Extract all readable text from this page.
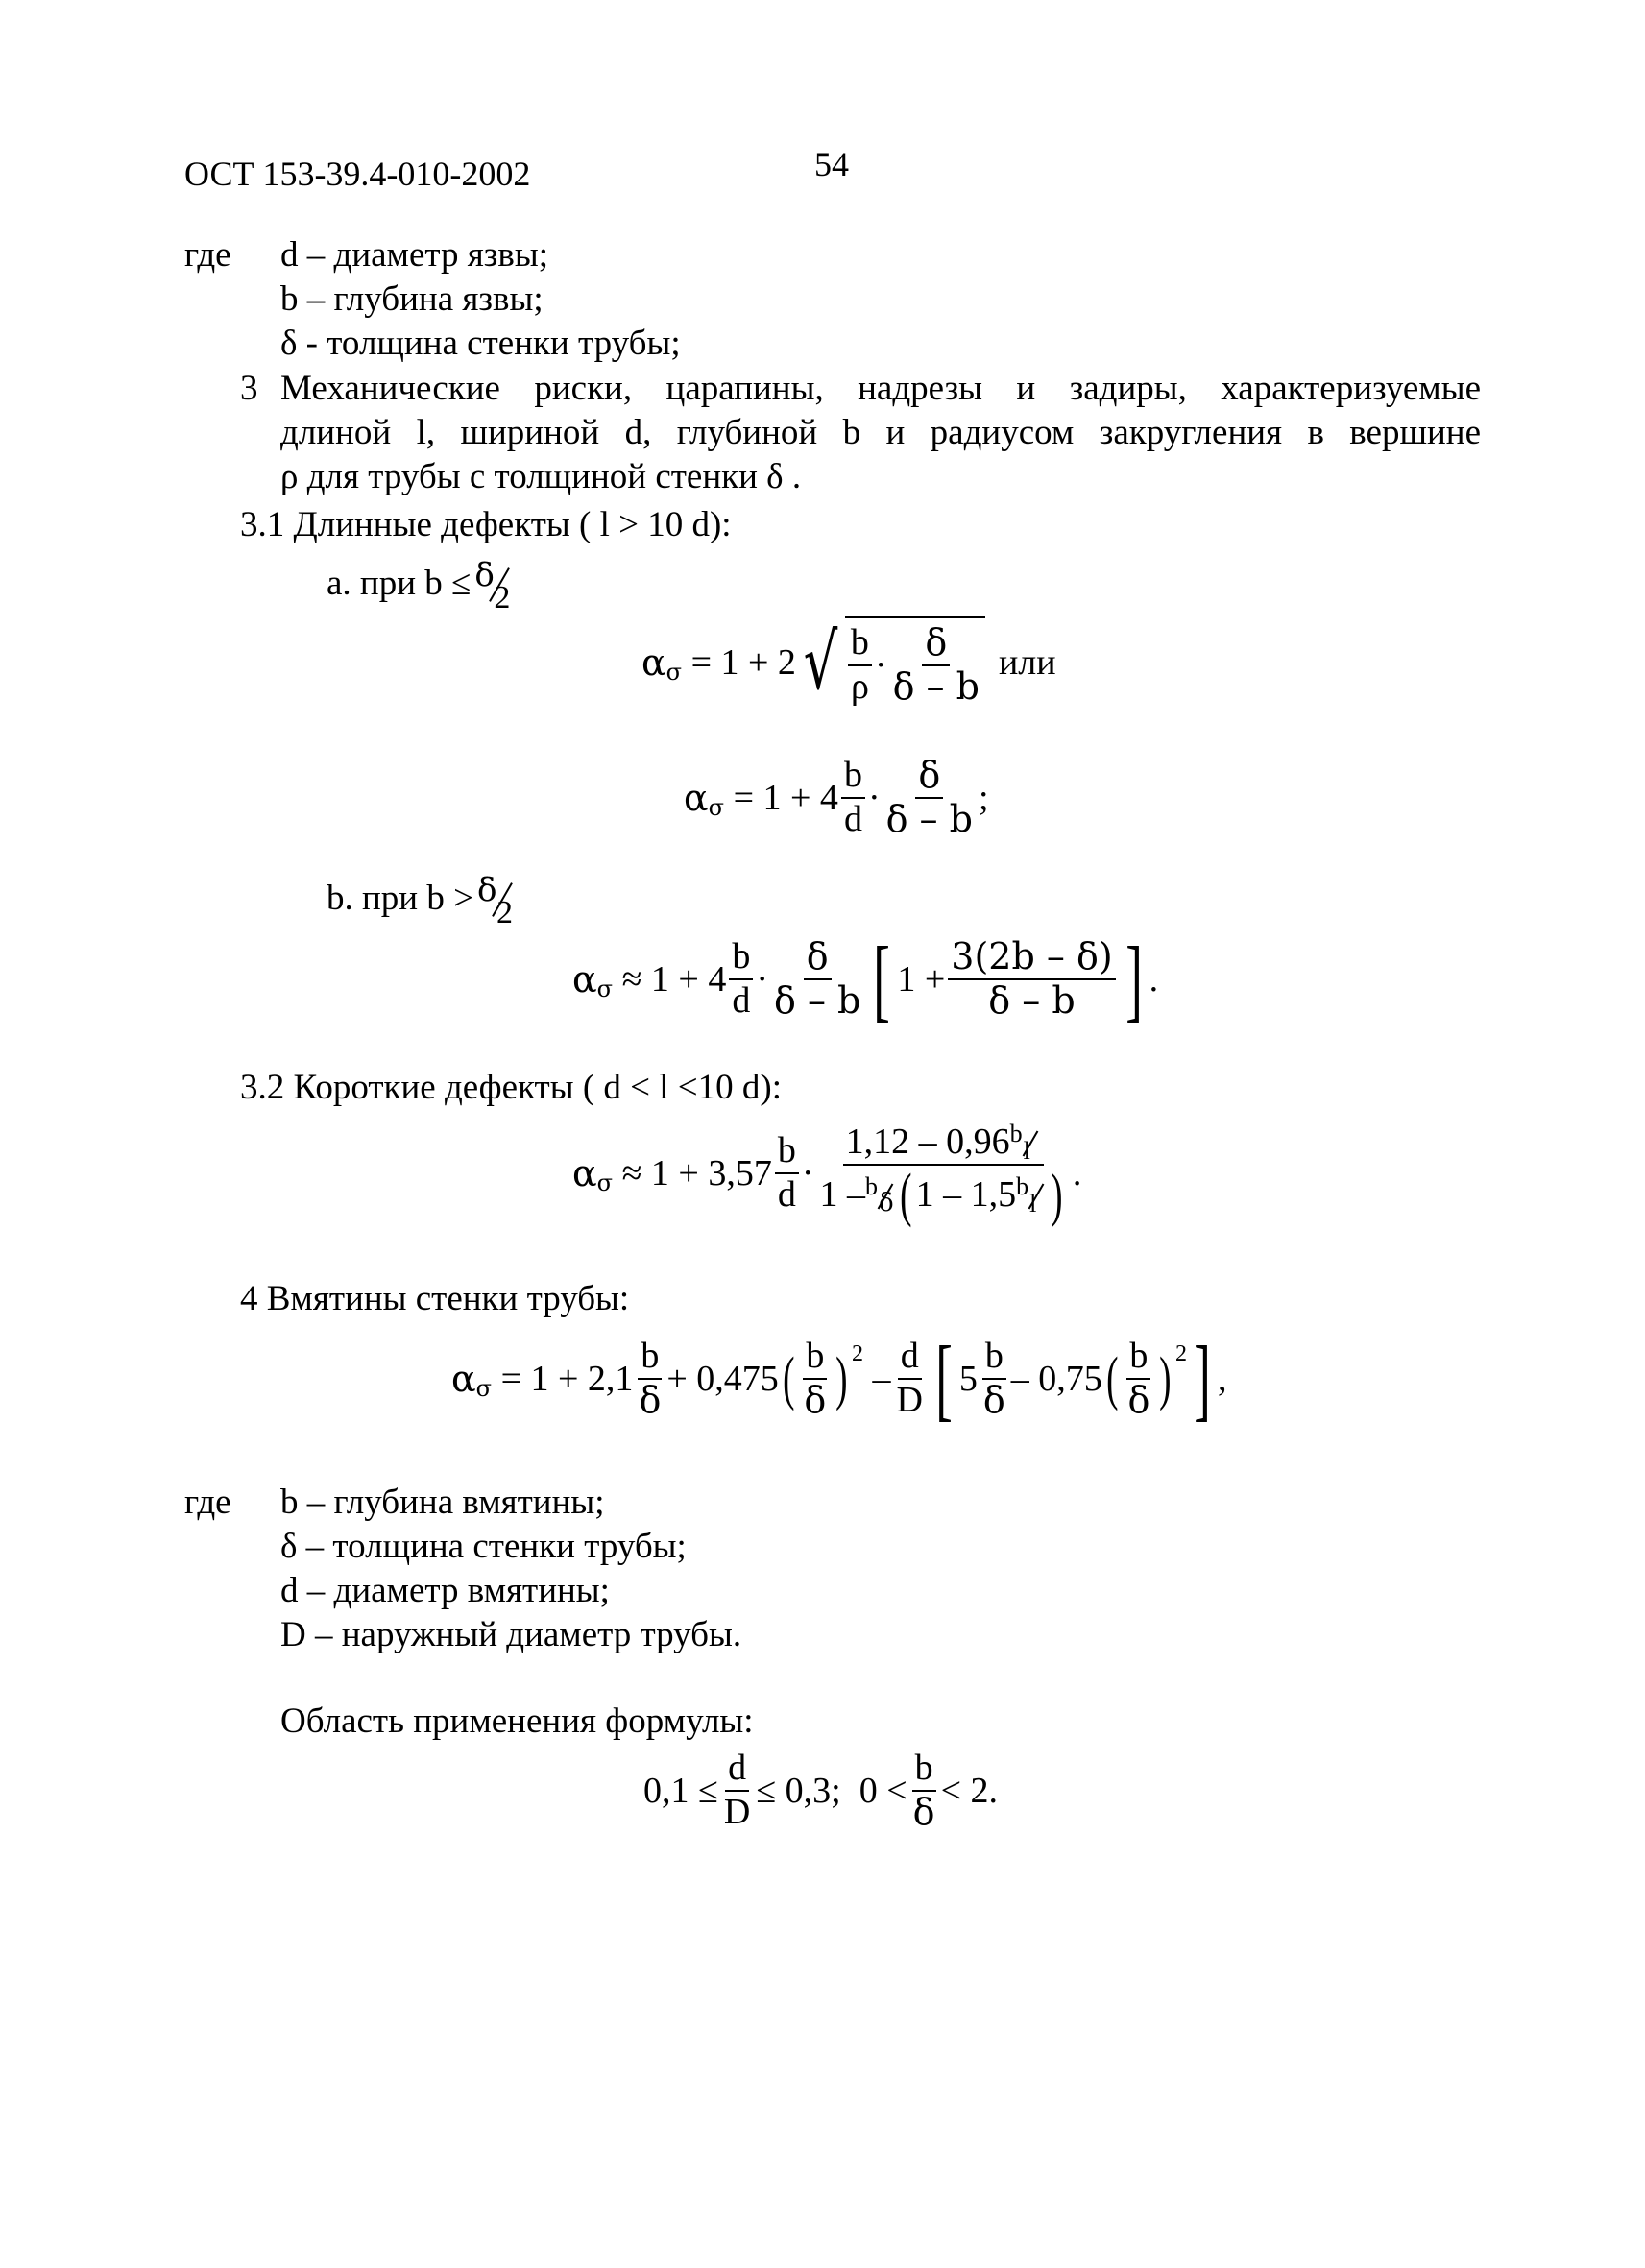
ОСТ 153-39.4-010-2002	54
где d – диаметр язвы;
b – глубина язвы;
δ - толщина стенки трубы;
3 Механические риски, царапины, надрезы и задиры, характеризуемые
длиной l, шириной d, глубиной b и радиусом закругления в вершине
ρ для трубы с толщиной стенки δ .
3.1 Длинные дефекты ( l > 10 d):
a. при b ≤ δ
2
α σ = 1 + 2 √ $\frac{b}{\rho} \cdot \frac{\delta}{\delta - b}$ или
α $\sigma = 1 + 4 \frac{b}{d} \cdot \frac{\delta}{\delta - b}$ ;
b. при b > δ
2
α $\sigma \approx 1 + 4 \frac{b}{d} \cdot \frac{\delta}{\delta - b}$ [ $1 + \frac{3(2b - \delta)}{\delta - b}$ ] .
3.2 Короткие дефекты ( d < l <10 d):
α $\sigma \approx 1 + 3,57 \frac{b}{d} \cdot 1,12 - 0,96$ b
l
1 – b
δ ( 1 – 1,5 b
l ) .
4 Вмятины стенки трубы:
α $\sigma = 1 + 2,1 \frac{b}{\delta} + 0,475$ ( $\frac{b}{\delta}$ ) 2
– $\frac{d}{D}$ [ $5 \frac{b}{\delta} - 0,75$ ( $\frac{b}{\delta}$ ) 2 ] ,
где b – глубина вмятины;
δ – толщина стенки трубы;
d – диаметр вмятины;
D – наружный диаметр трубы.
Область применения формулы:
$0,1 \le \frac{d}{D} \le 0,3$;
$0 < \frac{b}{\delta} < 2$.
